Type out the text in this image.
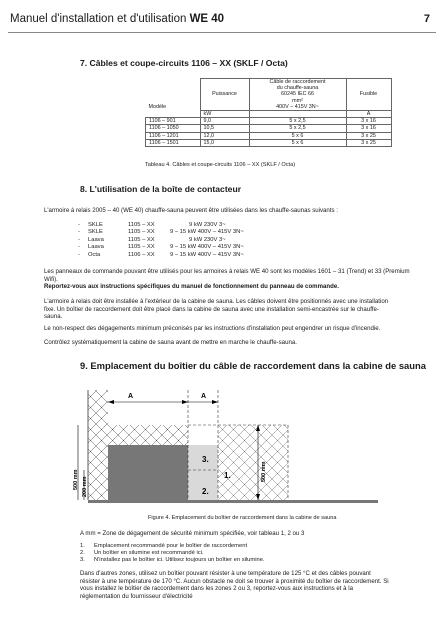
Manuel d'installation et d'utilisation WE 40	7
7. Câbles et coupe-circuits 1106 – XX (SKLF / Octa)
Modèle	Puissance	Câble de raccordement	Fusible
		du chauffe-sauna	
		60245 IEC 66	
		mm²	
		400V – 415V 3N~	
	kW		A
1106 – 901	9,0	5 x 2,5	3 x 16
1106 – 1050	10,5	5 x 2,5	3 x 16
1106 – 1201	12,0	5 x 6	3 x 25
1106 – 1501	15,0	5 x 6	3 x 25
Tableau 4. Câbles et coupe-circuits 1106 – XX (SKLF / Octa)
8. L'utilisation de la boîte de contacteur
L'armoire à relais 2005 – 40 (WE 40) chauffe-sauna peuvent être utilisées dans les chauffe-saunas suivants :
- SKLE	1105 – XX	9 kW 230V 3~
- SKLE	1105 – XX	9 – 15 kW 400V – 415V 3N~
- Laava	1105 – XX	9 kW 230V 3~
- Laava	1105 – XX	9 – 15 kW 400V – 415V 3N~
- Octa	1106 – XX	9 – 15 kW 400V – 415V 3N~
Les panneaux de commande pouvant être utilisés pour les armoires à relais WE 40 sont les modèles 1601 – 31 (Trend) et 33 (Premium Wifi).
Reportez-vous aux instructions spécifiques du manuel de fonctionnement du panneau de commande.
L'armoire à relais doit être installée à l'extérieur de la cabine de sauna. Les câbles doivent être positionnés avec une installation
fixe. Un boîtier de raccordement doit être placé dans la cabine de sauna avec une installation semi-encastrée sur le chauffe-
sauna.
Le non-respect des dégagements minimum préconisés par les instructions d'installation peut engendrer un risque d'incendie.
Contrôlez systématiquement la cabine de sauna avant de mettre en marche le chauffe-sauna.
9. Emplacement du boîtier du câble de raccordement dans la cabine de sauna
A	A
3.
1.
2.
500 mm 200 mm
500 mm
Figure 4. Emplacement du boîtier de raccordement dans la cabine de sauna
A mm = Zone de dégagement de sécurité minimum spécifiée, voir tableau 1, 2 ou 3
1. Emplacement recommandé pour le boîtier de raccordement
2. Un boîtier en silumine est recommandé ici.
3. N'installez pas le boîtier ici. Utilisez toujours un boîtier en silumine.
Dans d'autres zones, utilisez un boîtier pouvant résister à une température de 125 °C et des câbles pouvant
résister à une température de 170 °C. Aucun obstacle ne doit se trouver à proximité du boîtier de raccordement. Si
vous installez le boîtier de raccordement dans les zones 2 ou 3, reportez-vous aux instructions et à la
réglementation du fournisseur d'électricité
